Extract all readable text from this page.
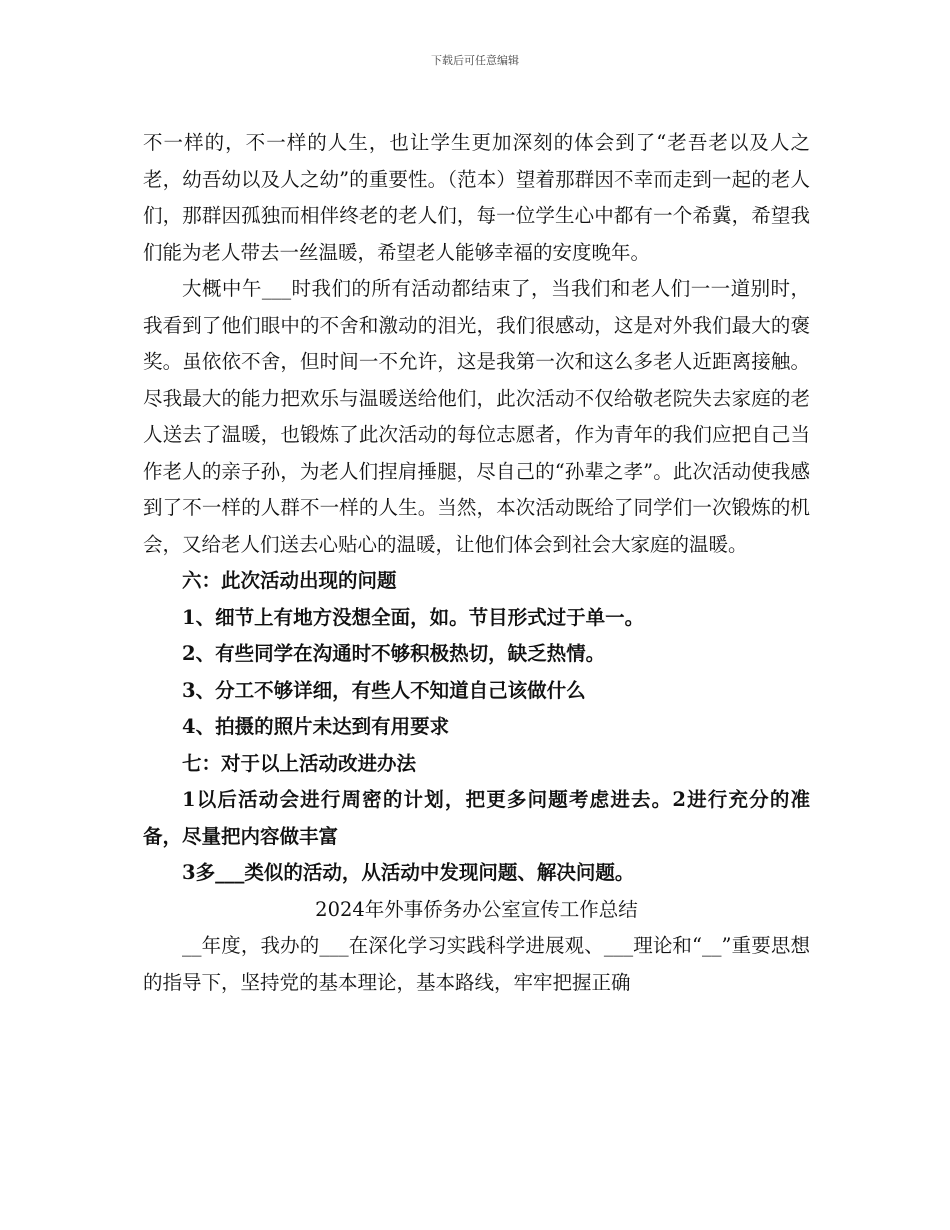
下载后可任意编辑

不一样的，不一样的人生，也让学生更加深刻的体会到了“老吾老以及人之老，幼吾幼以及人之幼”的重要性。（范本）望着那群因不幸而走到一起的老人们，那群因孤独而相伴终老的老人们，每一位学生心中都有一个希冀，希望我们能为老人带去一丝温暖，希望老人能够幸福的安度晚年。

大概中午___时我们的所有活动都结束了，当我们和老人们一一道别时，我看到了他们眼中的不舍和激动的泪光，我们很感动，这是对外我们最大的褒奖。虽依依不舍，但时间一不允许，这是我第一次和这么多老人近距离接触。尽我最大的能力把欢乐与温暖送给他们，此次活动不仅给敬老院失去家庭的老人送去了温暖，也锻炼了此次活动的每位志愿者，作为青年的我们应把自己当作老人的亲子孙，为老人们捏肩捶腿，尽自己的“孙辈之孝”。此次活动使我感到了不一样的人群不一样的人生。当然，本次活动既给了同学们一次锻炼的机会，又给老人们送去心贴心的温暖，让他们体会到社会大家庭的温暖。

六：此次活动出现的问题

1、细节上有地方没想全面，如。节目形式过于单一。

2、有些同学在沟通时不够积极热切，缺乏热情。

3、分工不够详细，有些人不知道自己该做什么

4、拍摄的照片未达到有用要求

七：对于以上活动改进办法

1以后活动会进行周密的计划，把更多问题考虑进去。2进行充分的准备，尽量把内容做丰富

3多___类似的活动，从活动中发现问题、解决问题。

2024年外事侨务办公室宣传工作总结

__年度，我办的___在深化学习实践科学进展观、___理论和“__”重要思想的指导下，坚持党的基本理论，基本路线，牢牢把握正确
